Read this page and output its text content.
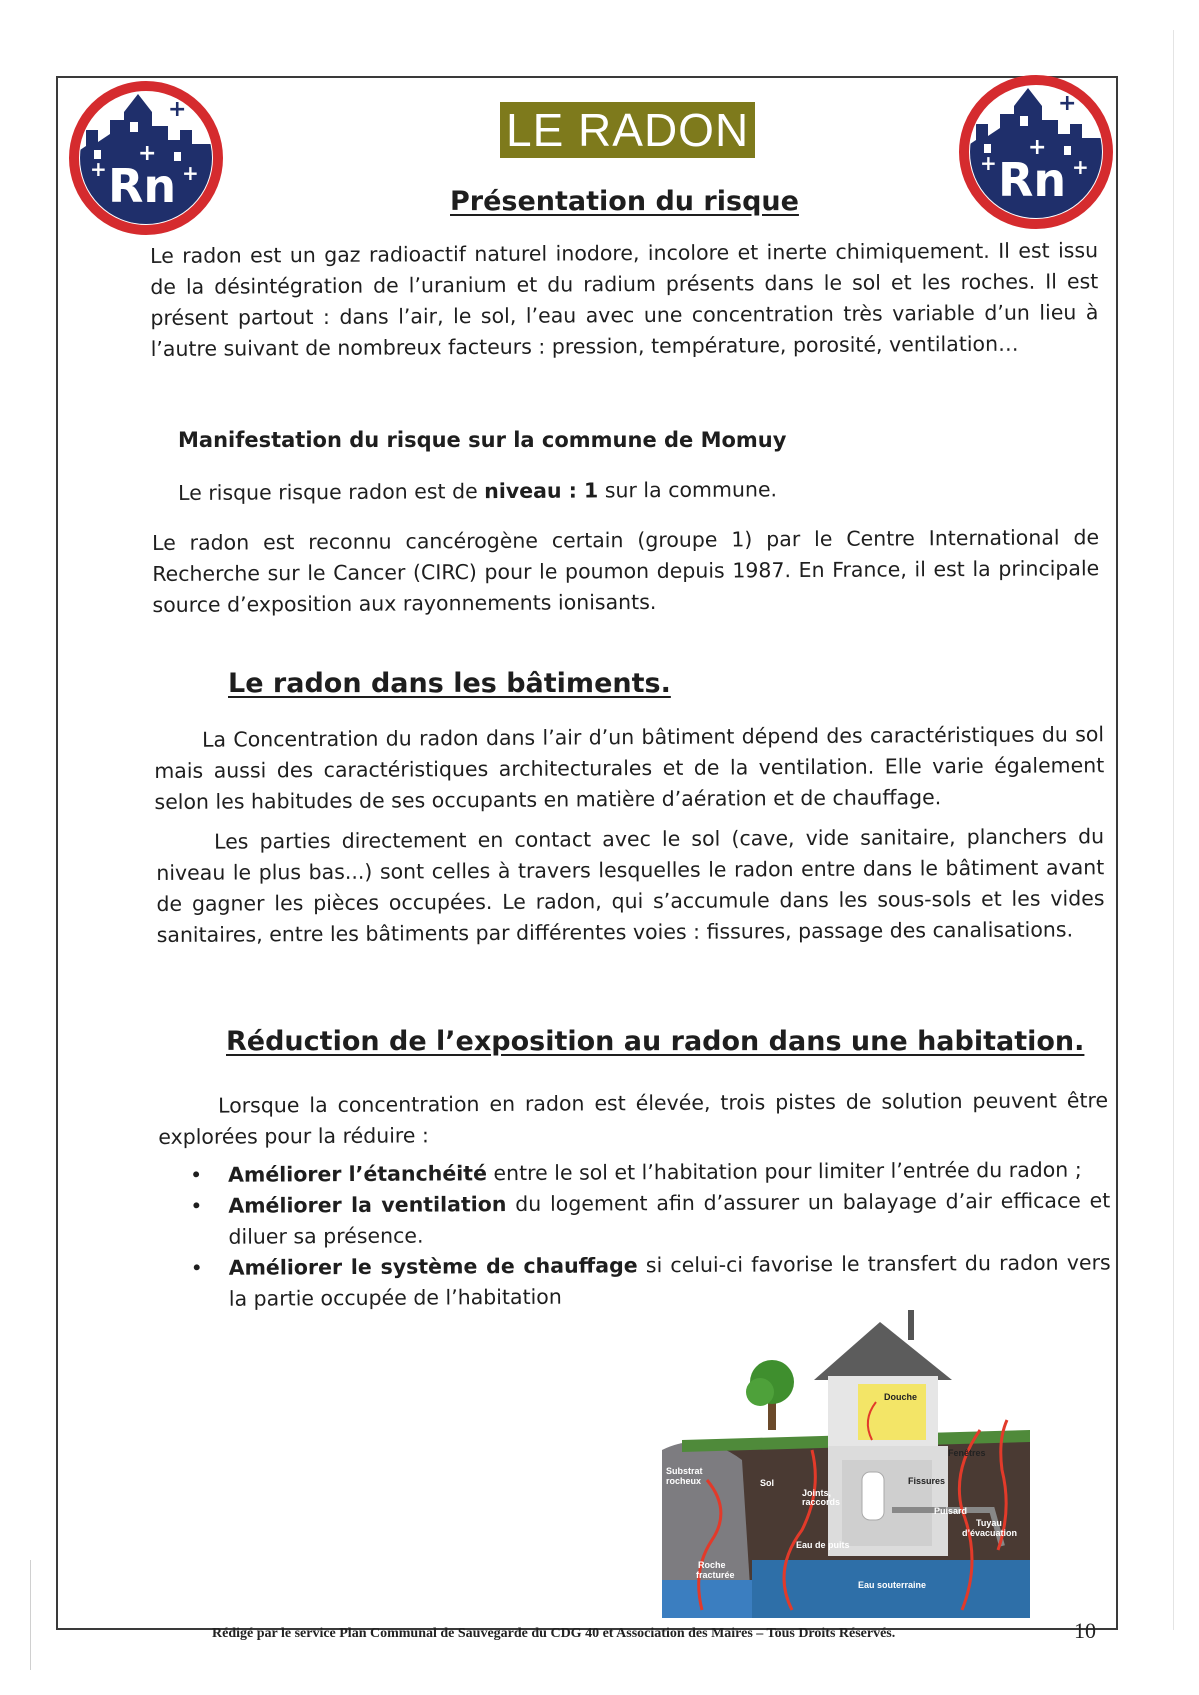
+
+
+	+
Rn
+
+
+	+
Rn
LE RADON
Présentation du risque

Le radon est un gaz radioactif naturel inodore, incolore et inerte chimiquement. Il est issu de la désintégration de l’uranium et du radium présents dans le sol et les roches. Il est présent partout : dans l’air, le sol, l’eau avec une concentration très variable d’un lieu à l’autre suivant de nombreux facteurs : pression, température, porosité, ventilation…

Manifestation du risque sur la commune de Momuy

Le risque risque radon est de niveau : 1 sur la commune.

Le radon est reconnu cancérogène certain (groupe 1) par le Centre International de Recherche sur le Cancer (CIRC) pour le poumon depuis 1987. En France, il est la principale source d’exposition aux rayonnements ionisants.

Le radon dans les bâtiments.

La Concentration du radon dans l’air d’un bâtiment dépend des caractéristiques du sol mais aussi des caractéristiques architecturales et de la ventilation. Elle varie également selon les habitudes de ses occupants en matière d’aération et de chauffage.

Les parties directement en contact avec le sol (cave, vide sanitaire, planchers du niveau le plus bas...) sont celles à travers lesquelles le radon entre dans le bâtiment avant de gagner les pièces occupées. Le radon, qui s’accumule dans les sous-sols et les vides sanitaires, entre les bâtiments par différentes voies : fissures, passage des canalisations.

Réduction de l’exposition au radon dans une habitation.

Lorsque la concentration en radon est élevée, trois pistes de solution peuvent être explorées pour la réduire :

• Améliorer l’étanchéité entre le sol et l’habitation pour limiter l’entrée du radon ;
• Améliorer la ventilation du logement afin d’assurer un balayage d’air efficace et diluer sa présence.
• Améliorer le système de chauffage si celui-ci favorise le transfert du radon vers la partie occupée de l’habitation
Substrat
rocheux	Sol
Joints,
raccords
Douche
Fenêtres
Fissures
Puisard
Tuyau
d’évacuation
Eau de puits
Roche
fracturée
Eau souterraine
Rédigé par le service Plan Communal de Sauvegarde du CDG 40 et Association des Maires – Tous Droits Réservés.	10
